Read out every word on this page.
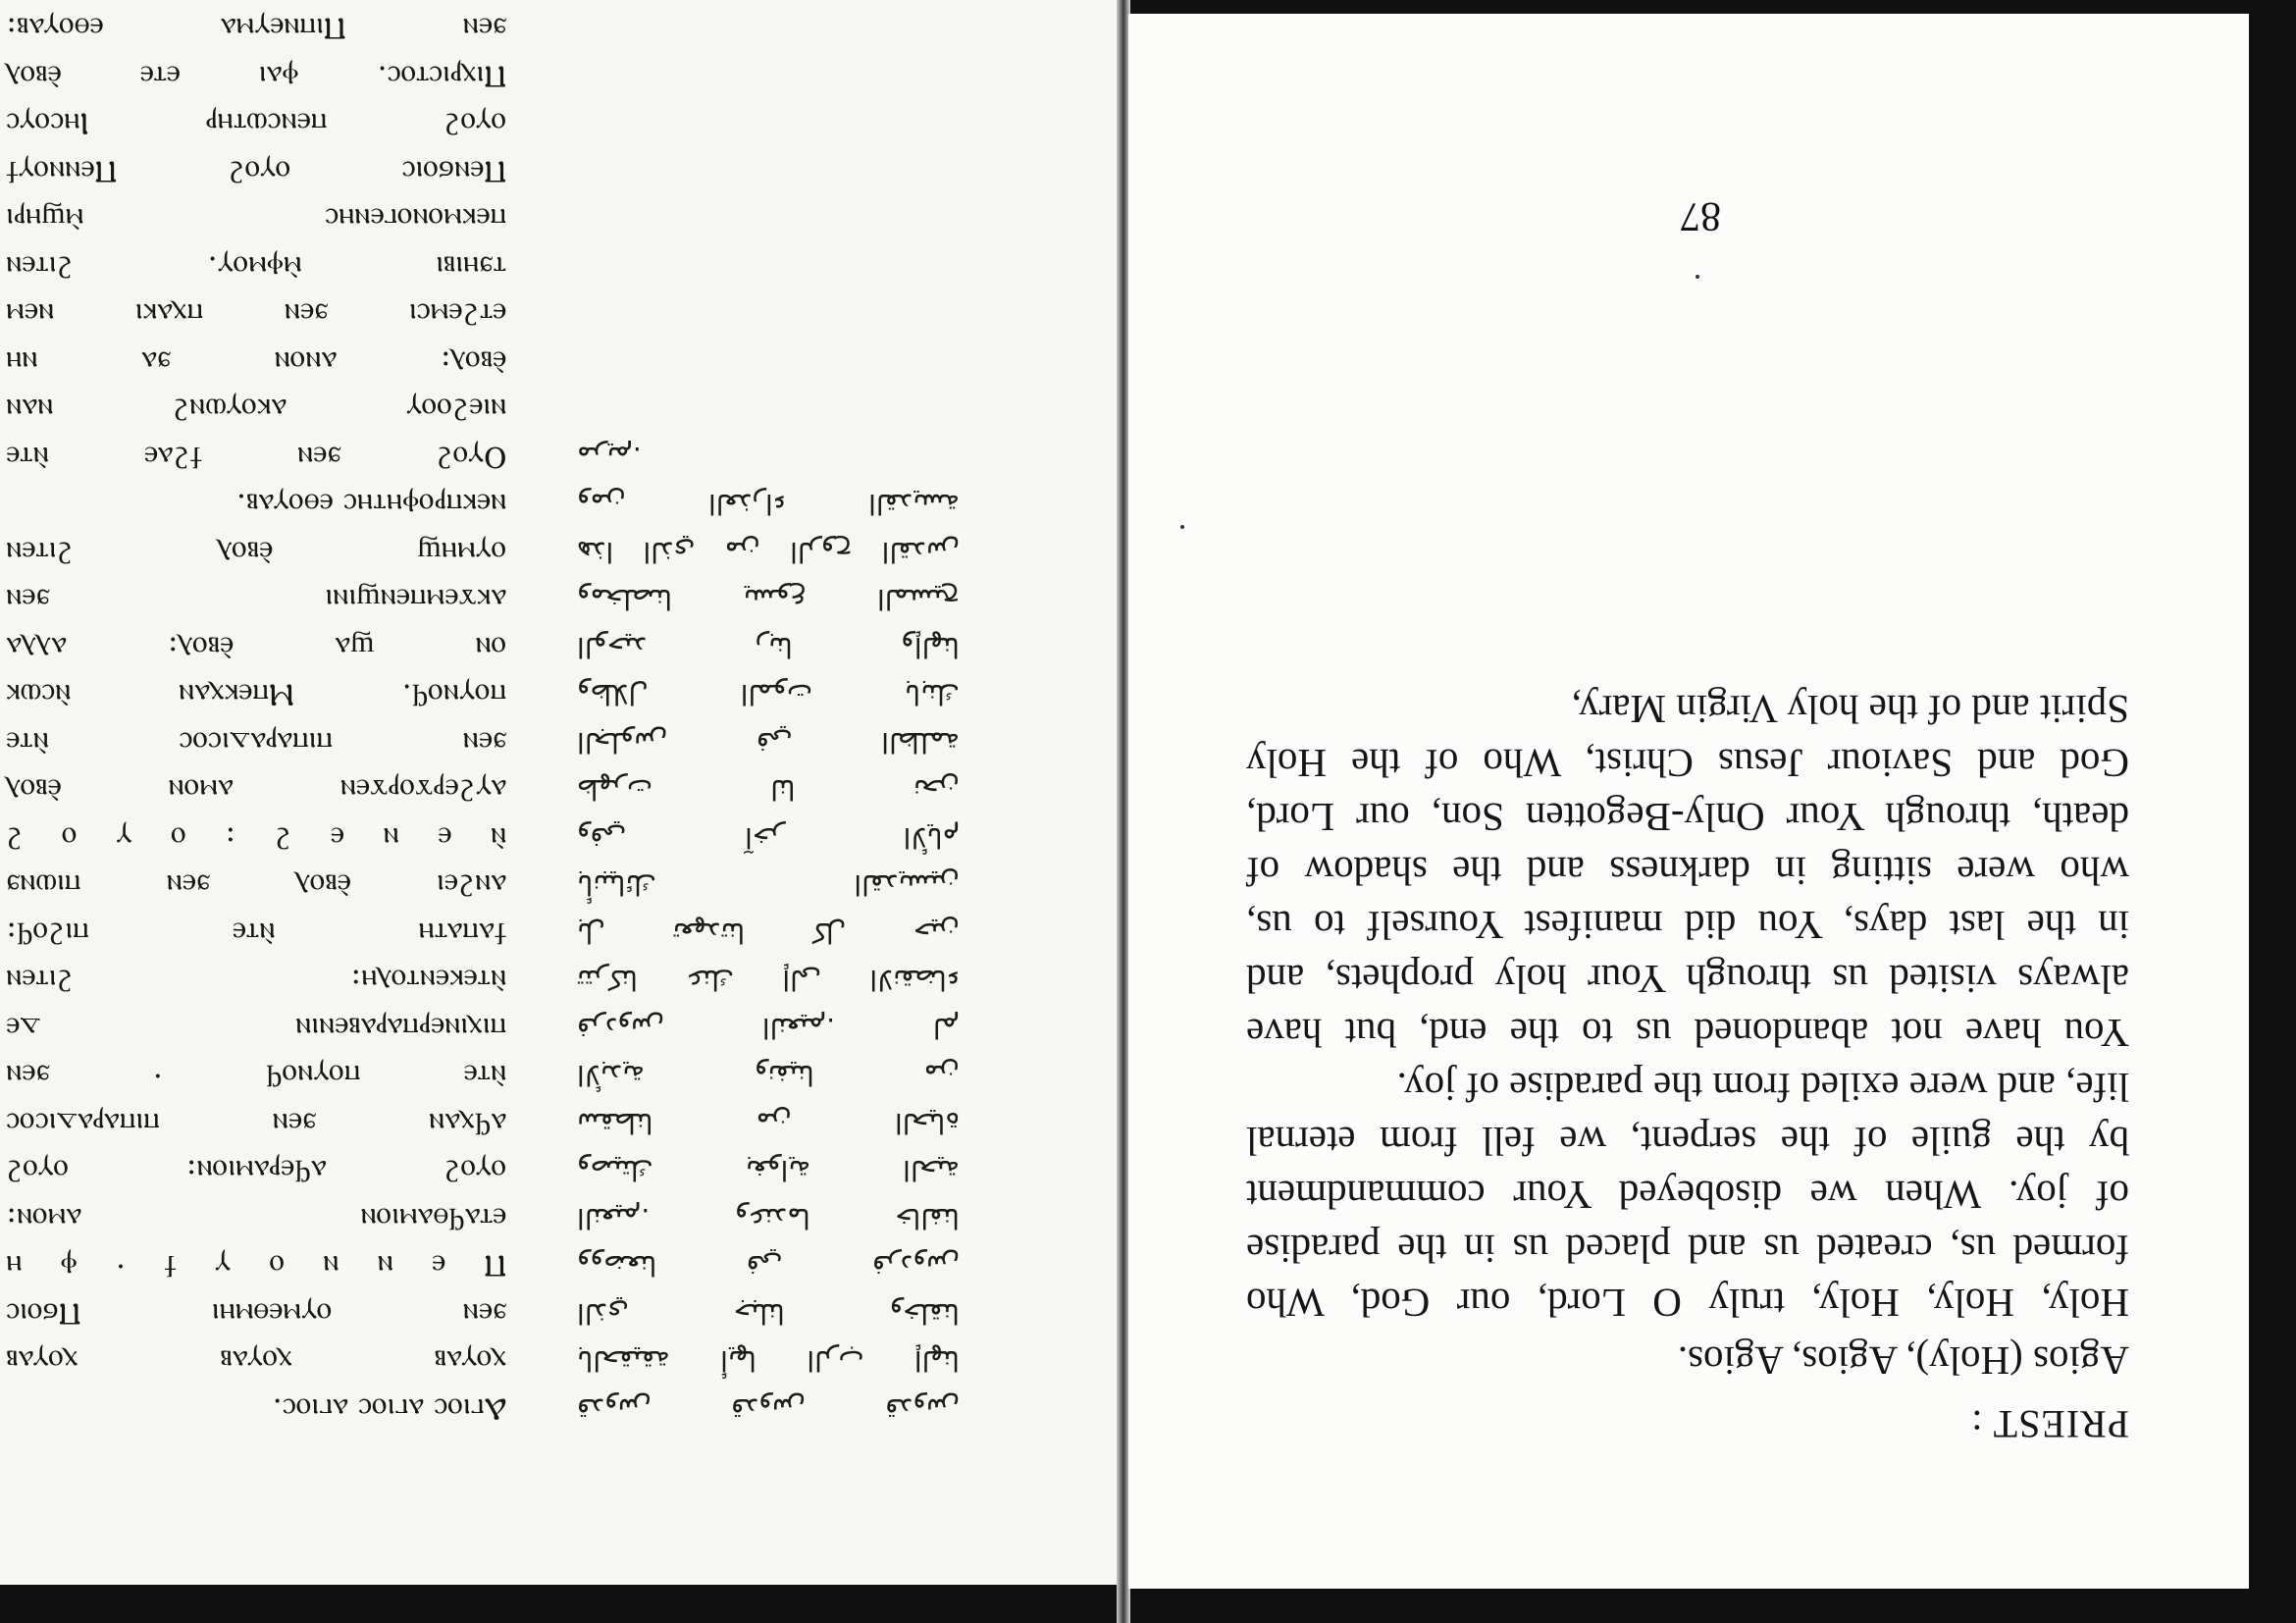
Ⲁⲅⲓⲟⲥ ⲁⲅⲓⲟⲥ ⲁⲅⲓⲟⲥ.
ⲭⲟⲩⲁⲃ ⲭⲟⲩⲁⲃ ⲭⲟⲩⲁⲃ
ϧⲉⲛ ⲟⲩⲙⲉⲑⲙⲏⲓ Ⲡϭⲟⲓⲥ
Ⲡ ⲉ ⲛ ⲛ ⲟ ⲩ ϯ · ⲫ ⲏ
ⲉⲧⲁϥⲑⲁⲙⲓⲟⲛ ⲁⲙⲟⲛ:
ⲟⲩⲟϩ ⲁϥⲉⲣⲁⲙⲓⲟⲛ: ⲟⲩⲟϩ
ⲁϥⲭⲁⲛ ϧⲉⲛ ⲡⲓⲡⲁⲣⲁⲇⲓⲥⲟⲥ
ⲛ̀ⲧⲉ ⲡⲟⲩⲛⲟϥ · ϧⲉⲛ
ⲡⲓⲭⲓⲛⲉⲣⲡⲁⲣⲁⲃⲉⲛⲓⲛ ⲇⲉ
ⲛ̀ⲧⲉⲕⲉⲛⲧⲟⲗⲏ: ϩⲓⲧⲉⲛ
ϯⲁⲡⲁⲧⲏ ⲛ̀ⲧⲉ ⲡⲓϩⲟϥ:
ⲁⲛϩⲉⲓ ⲉ̀ⲃⲟⲗ ϧⲉⲛ ⲡⲓⲱⲛϧ
ⲛ̀ ⲉ ⲛ ⲉ ϩ : ⲟ ⲩ ⲟ ϩ
ⲁⲩϩⲉⲣϫⲟⲣϫⲉⲛ ⲁⲙⲟⲛ ⲉ̀ⲃⲟⲗ
ϧⲉⲛ ⲡⲓⲡⲁⲣⲁⲇⲓⲥⲟⲥ ⲛ̀ⲧⲉ
ⲡⲟⲩⲛⲟϥ. Ⲙⲡⲉⲕⲭⲁⲛ ⲛ̀ⲥⲱⲕ
ⲟⲛ ϣⲁ ⲉ̀ⲃⲟⲗ: ⲁⲗⲗⲁ
ⲁⲕϫⲉⲙⲡⲉⲛϣⲓⲛⲓ ϧⲉⲛ
ⲟⲩⲙⲏϣ ⲉ̀ⲃⲟⲗ ϩⲓⲧⲉⲛ
ⲛⲉⲕⲡⲣⲟⲫⲏⲧⲏⲥ ⲉⲑⲟⲩⲁⲃ.
Ⲟⲩⲟϩ ϧⲉⲛ ϯϩⲁⲉ ⲛ̀ⲧⲉ
ⲛⲓⲉϩⲟⲟⲩ ⲁⲕⲟⲩⲱⲛϩ ⲛⲁⲛ
ⲉ̀ⲃⲟⲗ: ⲁⲛⲟⲛ ϧⲁ ⲛⲏ
ⲉⲧϩⲉⲙⲥⲓ ϧⲉⲛ ⲡⲭⲁⲕⲓ ⲛⲉⲙ
ⲧϧⲏⲓⲃⲓ ⲙ̀ⲫⲙⲟⲩ. ϩⲓⲧⲉⲛ
ⲡⲉⲕⲙⲟⲛⲟⲅⲉⲛⲏⲥ ⲙ̀ϣⲏⲣⲓ
Ⲡⲉⲛϭⲟⲓⲥ ⲟⲩⲟϩ Ⲡⲉⲛⲛⲟⲩϯ
ⲟⲩⲟϩ ⲡⲉⲛⲥⲱⲧⲏⲣ Ⲓⲏⲥⲟⲩⲥ
Ⲡⲓⲭⲣⲓⲥⲧⲟⲥ. ⲫⲁⲓ ⲉⲧⲉ ⲉ̀ⲃⲟⲗ
ϧⲉⲛ Ⲡⲓⲡⲛⲉⲩⲙⲁ ⲉⲑⲟⲩⲁⲃ:
قدوس قدوس قدوس
بالحقيقة أيها الرب إلهنا
الذي جبلنا وخلقنا
ووضعنا في فردوس
النعيم. وعندما خالفنا
وصيتك بغواية الحية
سقطنا من الحياة
الأبدية ونفينا من
فردوس النعيم. لم
تتركنا عنك إلى الانقضاء
بل تعهدتنا كل حين
بأنبيائك القديسين
وفي آخر الأيام
ظهرت لنا نحن
الجلوس في الظلمة
وظلال الموت بابنك
الوحيد ربنا وإلهنا
ومخلصنا يسوع المسيح
هذا الذي من الروح القدس
ومن العذراء القديسة
مريم.
87
PRIEST :
Agios (Holy), Agios, Agios.
Holy, Holy, Holy, truly O Lord, our God, Who
formed us, created us and placed us in the paradise
of joy. When we disobeyed Your commandment
by the guile of the serpent, we fell from eternal
life, and were exiled from the paradise of joy.
You have not abandoned us to the end, but have
always visited us through Your holy prophets, and
in the last days, You did manifest Yourself to us,
who were sitting in darkness and the shadow of
death, through Your Only-Begotten Son, our Lord,
God and Saviour Jesus Christ, Who of the Holy
Spirit and of the holy Virgin Mary,
